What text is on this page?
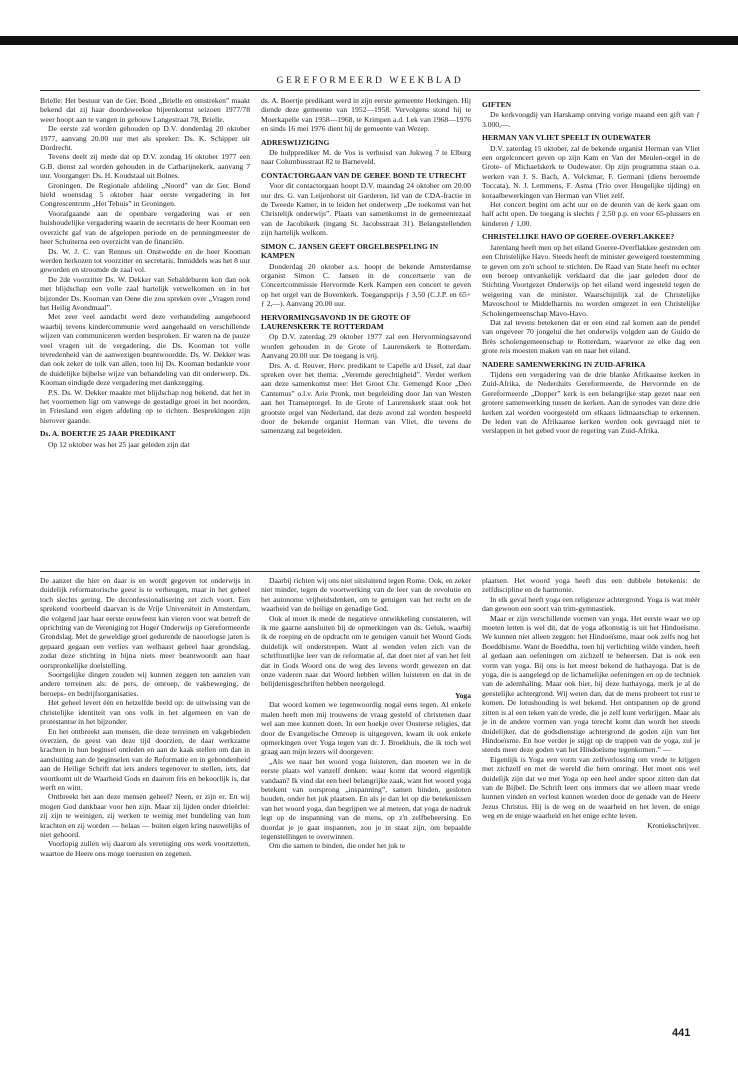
GEREFORMEERD WEEKBLAD

Brielle: Het bestuur van de Ger. Bond „Brielle en omstreken” maakt bekend dat zij haar doordeweekse bijeenkomst seizoen 1977/78 weer hoopt aan te vangen in gebouw Langestraat 78, Brielle.

De eerste zal worden gehouden op D.V. donderdag 20 oktober 1977, aanvang 20.00 uur met als spreker: Ds. K. Schipper uit Dordrecht.

Tevens deelt zij mede dat op D.V. zondag 16 oktober 1977 een G.B. dienst zal worden gehouden in de Catharijnekerk, aanvang 7 uur. Voorganger: Ds. H. Koudstaal uit Bolnes.

Groningen. De Regionale afdeling „Noord” van de Ger. Bond hield woensdag 5 oktober haar eerste vergadering in het Congrescentrum „Het Tehuis” in Groningen.

Voorafgaande aan de openbare vergadering was er een huishoudelijke vergadering waarin de secretaris de heer Kooman een overzicht gaf van de afgelopen periode en de penningmeester de heer Schuiterna een overzicht van de financiën.

Ds. W. J. C. van Rennes uit Onstwedde en de heer Kooman werden herkozen tot voorzitter en secretaris. Inmiddels was het 8 uur geworden en stroomde de zaal vol.

De 2de voorzitter Ds. W. Dekker van Sebaldeburen kon dan ook met blijdschap een volle zaal hartelijk verwelkomen en in het bijzonder Ds. Kooman van Oene die zou spreken over „Vragen rond het Heilig Avondmaal”.

Met zeer veel aandacht werd deze verhandeling aangehoord waarbij tevens kindercommunie werd aangehaald en verschillende wijzen van communiceren werden besproken. Er waren na de pauze veel vragen uit de vergadering, die Ds. Kooman tot volle tevredenheid van de aanwezigen beantwoordde. Ds. W. Dekker was dan ook zeker de tolk van allen, toen hij Ds. Kooman bedankte voor de duidelijke bijbelse wijze van behandeling van dit onderwerp. Ds. Kooman eindigde deze vergadering met dankzegging.

P.S. Ds. W. Dekker maakte met blijdschap nog bekend, dat het in het voornemen ligt om vanwege de gestadige groei in het noorden, in Friesland een eigen afdeling op te richten. Besprekingen zijn hierover gaande.

Ds. A. BOERTJE 25 JAAR PREDIKANT

Op 12 oktober was het 25 jaar geleden zijn dat

ds. A. Boertje predikant werd in zijn eerste gemeente Herkingen. Hij diende deze gemeente van 1952—1958. Vervolgens stond hij te Moerkapelle van 1958—1968, te Krimpen a.d. Lek van 1968—1976 en sinds 16 mei 1976 dient hij de gemeente van Wezep.

ADRESWIJZIGING

De hulpprediker M. de Vos is verhuisd van Jukweg 7 te Elburg naar Columbusstraat 82 te Barneveld.

CONTACTORGAAN VAN DE GEREF. BOND TE UTRECHT

Voor dit contactorgaan hoopt D.V. maandag 24 oktober om 20.00 uur drs. G. van Leijenhorst uit Garderen, lid van de CDA-fractie in de Tweede Kamer, in te leiden het onderwerp „De toekomst van het Christelijk onderwijs”. Plaats van samenkomst in de gemeentezaal van de Jacobikerk (ingang St. Jacobsstraat 31). Belangstellenden zijn hartelijk welkom.

SIMON C. JANSEN GEEFT ORGELBESPELING IN KAMPEN

Donderdag 20 oktober a.s. hoopt de bekende Amsterdamse organist Simon C. Jansen in de concertserie van de Concertcommissie Hervormde Kerk Kampen een concert te geven op het orgel van de Bovenkerk. Toegangsprijs ƒ 3,50 (C.J.P. en 65+ ƒ 2,—). Aanvang 20.00 uur.

HERVORMINGSAVOND IN DE GROTE OF LAURENSKERK TE ROTTERDAM

Op D.V. zaterdag 29 oktober 1977 zal een Hervormingsavond worden gehouden in de Grote of Laurenskerk te Rotterdam. Aanvang 20.00 uur. De toegang is vrij.

Drs. A. d. Reuver, Herv. predikant te Capelle a/d IJssel, zal daar spreken over het thema: „Veremde gerechtigheid”. Verder werken aan deze samenkomst mee: Het Groot Chr. Gemengd Koor „Deo Cantemus” o.l.v. Arie Pronk, met begeleiding door Jan van Westen aan het Transeptorgel. In de Grote of Laurenskerk staat ook het grootste orgel van Nederland, dat deze avond zal worden bespeeld door de bekende organist Herman van Vliet, die tevens de samenzang zal begeleiden.

GIFTEN

De kerkvoogdij van Harskamp ontving vorige maand een gift van ƒ 3.000,—.

HERMAN VAN VLIET SPEELT IN OUDEWATER

D.V. zaterdag 15 oktober, zal de bekende organist Herman van Vliet een orgelconcert geven op zijn Kam en Van der Meulen-orgel in de Grote- of Michaelskerk te Oudewater. Op zijn programma staan o.a. werken van J. S. Bach, A. Volckmar, F. Germani (diens beroemde Toccata), N. J. Lemmens, F. Asma (Trio over Heugelijke tijding) en koraalbewerkingen van Herman van Vliet zelf.

Het concert begint om acht uur en de deuren van de kerk gaan om half acht open. De toegang is slechts ƒ 2,50 p.p. en voor 65-plussers en kinderen ƒ 1,00.

CHRISTELIJKE HAVO OP GOEREE-OVERFLAKKEE?

Jarenlang heeft men op het eiland Goeree-Overflakkee gestreden om een Christelijke Havo. Steeds heeft de minister geweigerd toestemming te geven om zo'n school te stichten. De Raad van State heeft nu echter een beroep ontvankelijk verklaard dat die jaar geleden door de Stichting Voortgezet Onderwijs op het eiland werd ingesteld tegen de weigering van de minister. Waarschijnlijk zal de Christelijke Mavoschool te Middelharnis nu worden omgezet in een Christelijke Scholengemeenschap Mavo-Havo.

Dat zal tevens betekenen dat er een eind zal komen aan de pendel van ongeveer 70 jongelui die het onderwijs volgden aan de Guido de Brès scholengemeenschap te Rotterdam, waarvoor ze elke dag een grote reis moesten maken van en naar het eiland.

NADERE SAMENWERKING IN ZUID-AFRIKA

Tijdens een vergadering van de drie blanke Afrikaanse kerken in Zuid-Afrika, de Nederduits Gereformeerde, de Hervormde en de Gereformeerde „Dopper” kerk is een belangrijke stap gezet naar een grotere samenwerking tussen de kerken. Aan de synodes van deze drie kerken zal worden voorgesteld om elkaars lidmaatschap te erkennen. De leden van de Afrikaanse kerken werden ook gevraagd niet te verslappen in het gebed voor de regering van Zuid-Afrika.

De aanzet die hier en daar is en wordt gegeven tot onderwijs in duidelijk reformatorische geest is te verheugen, maar in het geheel toch slechts gering. De deconfessionalisering zet zich voort. Een sprekend voorbeeld daarvan is de Vrije Universiteit in Amsterdam, die volgend jaar haar eerste eeuwfeest kan vieren voor wat betreft de oprichting van de Vereniging tot Hoger Onderwijs op Gereformeerde Grondslag. Met de geweldige groei gedurende de naoorlogse jaren is gepaard gegaan een verlies van welhaast geheel haar grondslag, zodat deze stichting in bijna niets meer beantwoordt aan haar oorspronkelijke doelstelling.

Soortgelijke dingen zouden wij kunnen zeggen ten aanzien van andere terreinen als: de pers, de omroep, de vakbeweging, de beroeps- en bedrijfsorganisaties.

Het geheel levert één en hetzelfde beeld op: de uitwissing van de christelijke identiteit van ons volk in het algemeen en van de protestantse in het bijzonder.

En het ontbreekt aan mensen, die deze terreinen en vakgebieden overzien, de geest van deze tijd doorzien, de daar werkzame krachten in hun beginsel ontleden en aan de kaak stellen om dan in aansluiting aan de beginselen van de Reformatie en in gebondenheid aan de Heilige Schrift dat iets anders tegenover te stellen, iets, dat voortkomt uit de Waarheid Gods en daarom fris en bekoorlijk is, dat werft en wint.

Ontbreekt het aan deze mensen geheel? Neen, er zijn er. En wij mogen God dankbaar voor hen zijn. Maar zij lijden onder drieërlei: zij zijn te weinigen, zij werken te weinig met bundeling van hun krachten en zij worden — helaas — buiten eigen kring nauwelijks of niet gehoord.

Voorlopig zullen wij daarom als vereniging ons werk voortzetten, waartoe de Heere ons moge toerusten en zegenen.

Daarbij richten wij ons niet uitsluitend tegen Rome. Ook, en zeker niet minder, tegen de voortwerking van de leer van de revolutie en het autonome vrijheidsdenken, om te getuigen van het recht en de waarheid van de heilige en genadige God.

Ook al moet ik mede de negatieve ontwikkeling constateren, wil ik me gaarne aansluiten bij de opmerkingen van ds. Geluk, waarbij ik de roeping en de opdracht om te getuigen vanuit het Woord Gods duidelijk wil onderstrepen. Want al wenden velen zich van de schriftuurlijke leer van de reformatie af, dat doet niet af van het feit dat in Gods Woord ons de weg des levens wordt gewezen en dat onze vaderen naar dat Woord hebben willen luisteren en dat in de belijdenisgeschriften hebben neergelegd.

Yoga

Dat woord komen we tegenwoordig nogal eens tegen. Al enkele malen heeft men mij trouwens de vraag gesteld of christenen daar wel aan mee kunnen doen. In een boekje over Oosterse religies, dat door de Evangelische Omroep is uitgegeven, kwam ik ook enkele opmerkingen over Yoga tegen van dr. J. Broekhuis, die ik toch wel graag aan mijn lezers wil doorgeven:

„Als we naar het woord yoga luisteren, dan moeten we in de eerste plaats wel vanzelf denken: waar komt dat woord eigenlijk vandaan? Ik vind dat een heel belangrijke zaak, want het woord yoga betekent van oorsprong „inspanning”, samen binden, gesloten houden, onder het juk plaatsen. En als je dan let op die betekenissen van het woord yoga, dan begrijpen we al meteen, dat yoga de nadruk legt op de inspanning van de mens, op z'n zelfbeheersing. En doordat je je gaat inspannen, zou je in staat zijn, om bepaalde tegenstellingen te overwinnen.

Om die samen te binden, die onder het juk te

plaatsen. Het woord yoga heeft dus een dubbele betekenis: de zelfdiscipline en de harmonie.

In elk geval heeft yoga een religieuze achtergrond. Yoga is wat méér dan gewoon een soort van trim-gymnastiek.

Maar er zijn verschillende vormen van yoga. Het eerste waar we op moeten letten is wel dit, dat de yoga afkomstig is uit het Hindoeïsme. We kunnen niet alleen zeggen: het Hindoeïsme, maar ook zelfs nog het Boeddhisme. Want de Boeddha, toen hij verlichting wilde vinden, heeft al gedaan aan oefeningen om zichzelf te beheersen. Dat is ook een vorm van yoga. Bij ons is het meest bekend de hathayoga. Dat is de yoga, die is aangelegd op de lichamelijke oefeningen en op de techniek van de ademhaling. Maar ook hier, bij deze hathayoga, merk je al de geestelijke achtergrond. Wij weten dan, dat de mens probeert tot rust te komen. De lotushouding is wel bekend. Het ontspannen op de grond zitten is al een teken van de vrede, die je zelf kunt verkrijgen. Maar als je in de andere vormen van yoga terecht komt dan wordt het steeds duidelijker, dat de godsdienstige achtergrond de goden zijn van het Hindoeïsme. En hoe verder je stijgt op de trappen van de yoga, zul je steeds meer deze goden van het Hindoeïsme tegenkomen.” —

Eigenlijk is Yoga een vorm van zelfverlossing om vrede te krijgen met zichzelf en met de wereld die hem omringt. Het moet ons wel duidelijk zijn dat we met Yoga op een heel ander spoor zitten dan dat van de Bijbel. De Schrift leert ons immers dat we alleen maar vrede kunnen vinden en verlost kunnen worden door de genade van de Heere Jezus Christus. Hij is de weg en de waarheid en het leven, de enige weg en de enige waarheid en het enige echte leven.

Kroniekschrijver.

441
